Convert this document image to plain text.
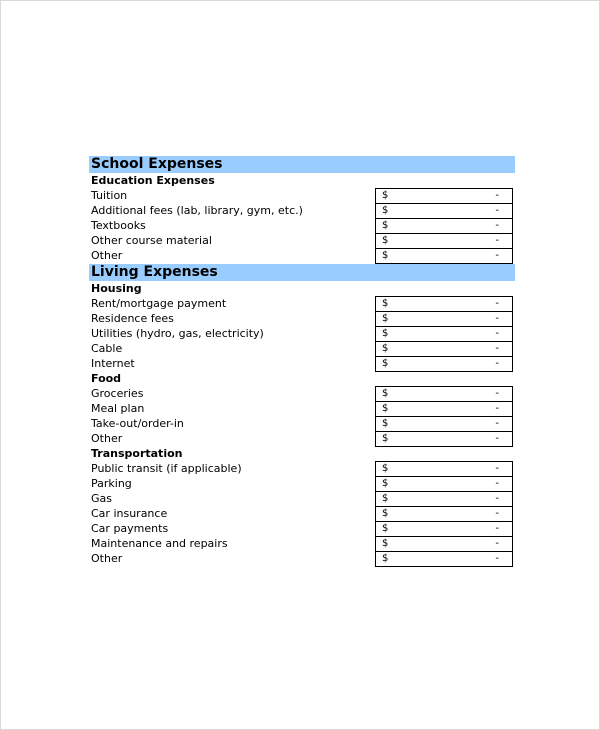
School Expenses
Education Expenses
Tuition	$	-
Additional fees (lab, library, gym, etc.)	$	-
Textbooks	$	-
Other course material	$	-
Other	$	-
Living Expenses
Housing
Rent/mortgage payment	$	-
Residence fees	$	-
Utilities (hydro, gas, electricity)	$	-
Cable	$	-
Internet	$	-
Food
Groceries	$	-
Meal plan	$	-
Take-out/order-in	$	-
Other	$	-
Transportation
Public transit (if applicable)	$	-
Parking	$	-
Gas	$	-
Car insurance	$	-
Car payments	$	-
Maintenance and repairs	$	-
Other	$	-
